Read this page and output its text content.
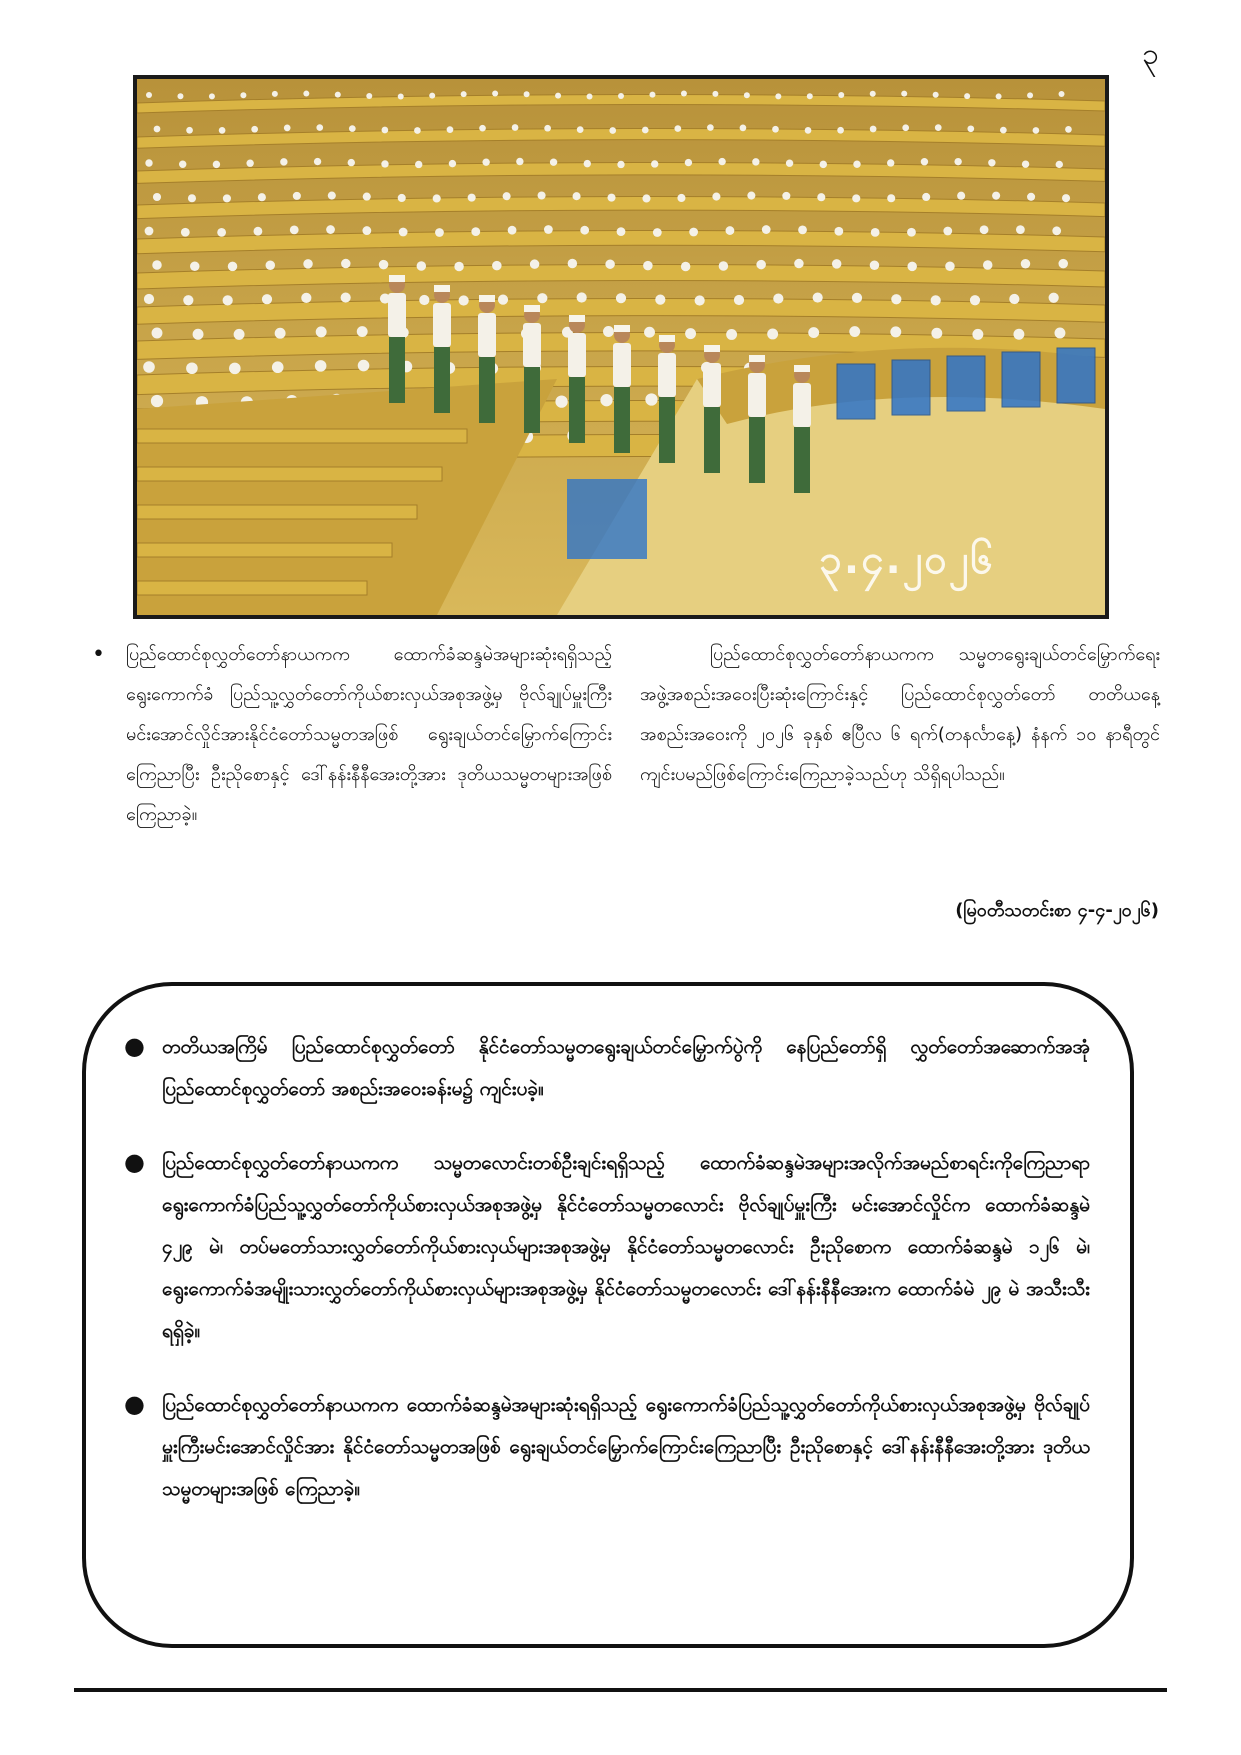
၃
၃.၄.၂၀၂၆
•	ပြည်ထောင်စုလွှတ်တော်နာယကက ထောက်ခံဆန္ဒမဲအများဆုံးရရှိသည့် ရွေးကောက်ခံ ပြည်သူ့လွှတ်တော်ကိုယ်စားလှယ်အစုအဖွဲ့မှ ဗိုလ်ချုပ်မှူးကြီး မင်းအောင်လှိုင်အားနိုင်ငံတော်သမ္မတအဖြစ် ရွေးချယ်တင်မြှောက်ကြောင်းကြေညာပြီး ဦးညိုစောနှင့် ဒေါ်နန်းနီနီအေးတို့အား ဒုတိယသမ္မတများအဖြစ် ကြေညာခဲ့။

ပြည်ထောင်စုလွှတ်တော်နာယကက သမ္မတရွေးချယ်တင်မြှောက်ရေးအဖွဲ့အစည်းအဝေးပြီးဆုံးကြောင်းနှင့် ပြည်ထောင်စုလွှတ်တော် တတိယနေ့အစည်းအဝေးကို ၂၀၂၆ ခုနှစ် ဧပြီလ ၆ ရက်(တနင်္လာနေ့) နံနက် ၁၀ နာရီတွင် ကျင်းပမည်ဖြစ်ကြောင်းကြေညာခဲ့သည်ဟု သိရှိရပါသည်။

(မြဝတီသတင်းစာ ၄-၄-၂၀၂၆)
● တတိယအကြိမ် ပြည်ထောင်စုလွှတ်တော် နိုင်ငံတော်သမ္မတရွေးချယ်တင်မြှောက်ပွဲကို နေပြည်တော်ရှိ လွှတ်တော်အဆောက်အအုံ ပြည်ထောင်စုလွှတ်တော် အစည်းအဝေးခန်းမ၌ ကျင်းပခဲ့။
● ပြည်ထောင်စုလွှတ်တော်နာယကက သမ္မတလောင်းတစ်ဦးချင်းရရှိသည့် ထောက်ခံဆန္ဒမဲအများအလိုက်အမည်စာရင်းကိုကြေညာရာ ရွေးကောက်ခံပြည်သူ့လွှတ်တော်ကိုယ်စားလှယ်အစုအဖွဲ့မှ နိုင်ငံတော်သမ္မတလောင်း ဗိုလ်ချုပ်မှူးကြီး မင်းအောင်လှိုင်က ထောက်ခံဆန္ဒမဲ ၄၂၉ မဲ၊ တပ်မတော်သားလွှတ်တော်ကိုယ်စားလှယ်များအစုအဖွဲ့မှ နိုင်ငံတော်သမ္မတလောင်း ဦးညိုစောက ထောက်ခံဆန္ဒမဲ ၁၂၆ မဲ၊ ရွေးကောက်ခံအမျိုးသားလွှတ်တော်ကိုယ်စားလှယ်များအစုအဖွဲ့မှ နိုင်ငံတော်သမ္မတလောင်း ဒေါ်နန်းနီနီအေးက ထောက်ခံမဲ ၂၉ မဲ အသီးသီးရရှိခဲ့။
● ပြည်ထောင်စုလွှတ်တော်နာယကက ထောက်ခံဆန္ဒမဲအများဆုံးရရှိသည့် ရွေးကောက်ခံပြည်သူ့လွှတ်တော်ကိုယ်စားလှယ်အစုအဖွဲ့မှ ဗိုလ်ချုပ်မှူးကြီးမင်းအောင်လှိုင်အား နိုင်ငံတော်သမ္မတအဖြစ် ရွေးချယ်တင်မြှောက်ကြောင်းကြေညာပြီး ဦးညိုစောနှင့် ဒေါ်နန်းနီနီအေးတို့အား ဒုတိယသမ္မတများအဖြစ် ကြေညာခဲ့။
